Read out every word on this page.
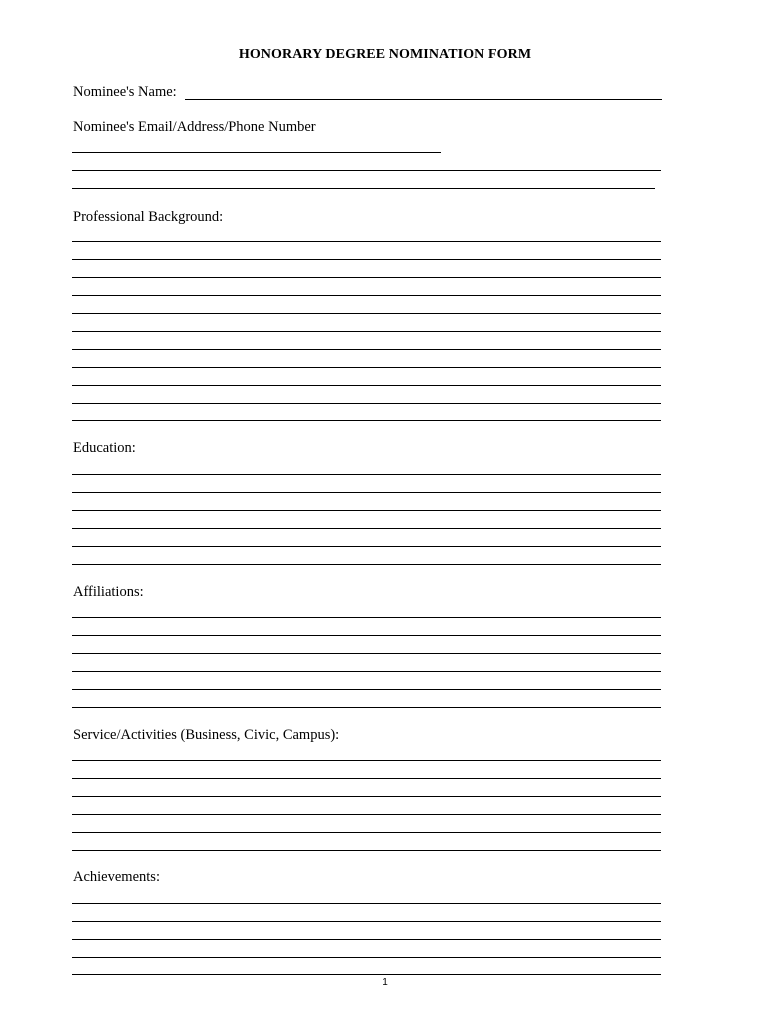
HONORARY DEGREE NOMINATION FORM
Nominee's Name:
Nominee's Email/Address/Phone Number
Professional Background:
Education:
Affiliations:
Service/Activities (Business, Civic, Campus):
Achievements:
1
